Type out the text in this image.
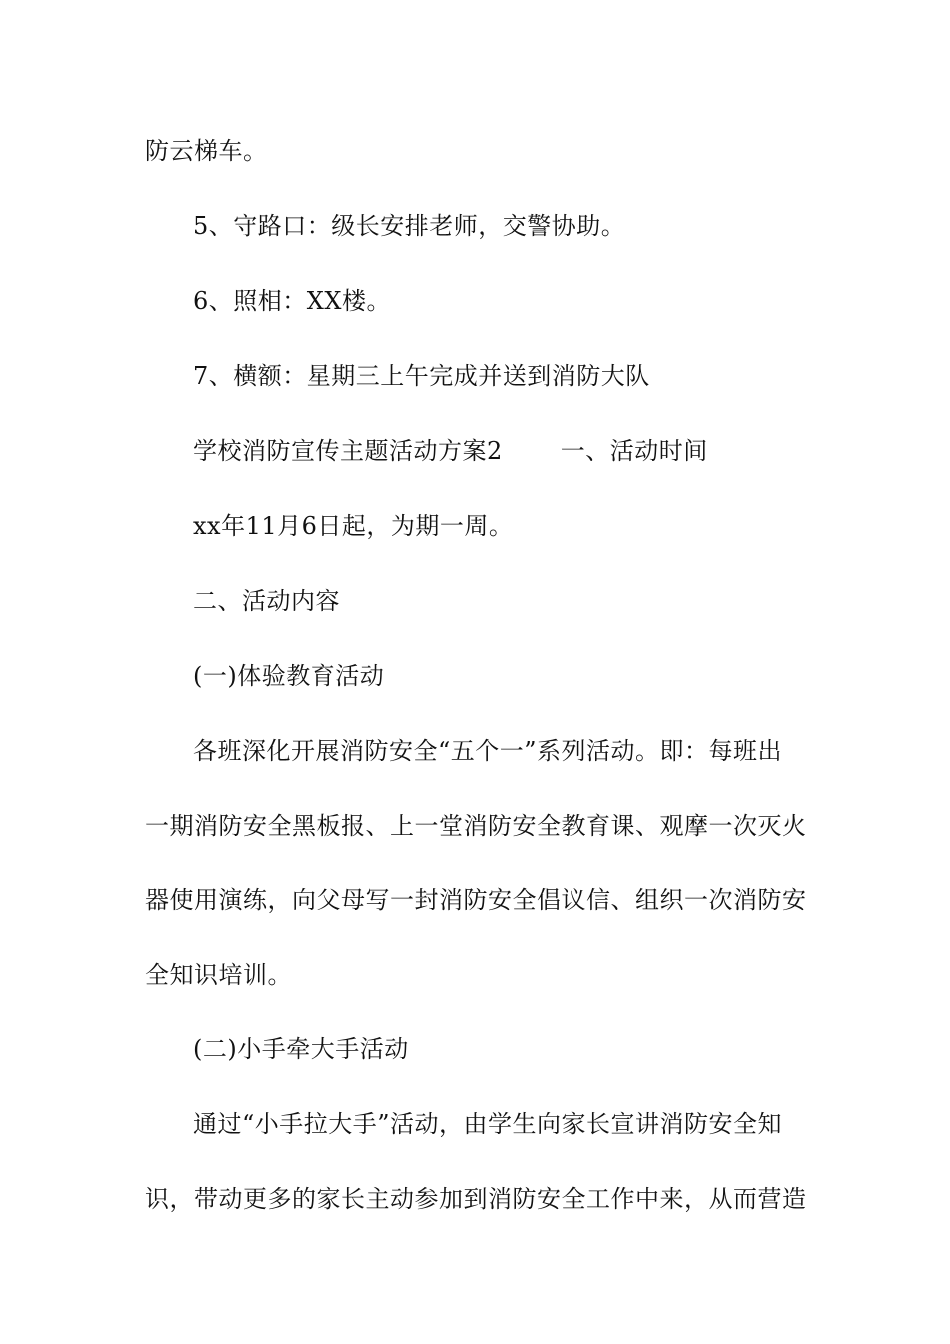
防云梯车。
5、守路口：级长安排老师，交警协助。
6、照相：XX楼。
7、横额：星期三上午完成并送到消防大队
学校消防宣传主题活动方案2 一、活动时间
xx年11月6日起，为期一周。
二、活动内容
(一)体验教育活动
各班深化开展消防安全“五个一”系列活动。即：每班出
一期消防安全黑板报、上一堂消防安全教育课、观摩一次灭火
器使用演练，向父母写一封消防安全倡议信、组织一次消防安
全知识培训。
(二)小手牵大手活动
通过“小手拉大手”活动，由学生向家长宣讲消防安全知
识，带动更多的家长主动参加到消防安全工作中来，从而营造
